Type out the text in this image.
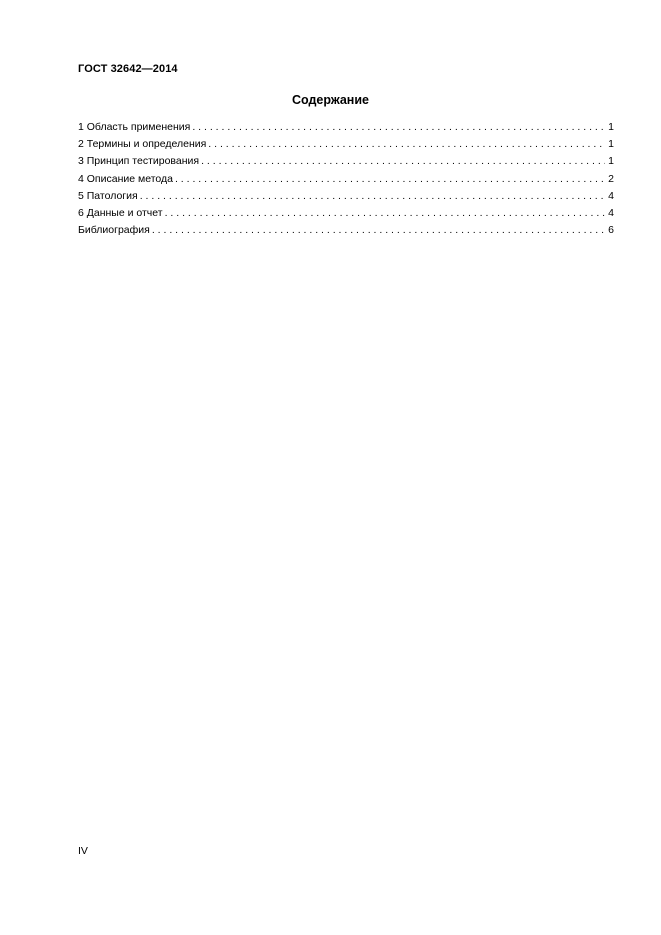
ГОСТ 32642—2014
Содержание
1 Область применения . . .	1
2 Термины и определения . . .	1
3 Принцип тестирования . . .	1
4 Описание метода . . .	2
5 Патология . . .	4
6 Данные и отчет . . .	4
Библиография . . .	6
IV
